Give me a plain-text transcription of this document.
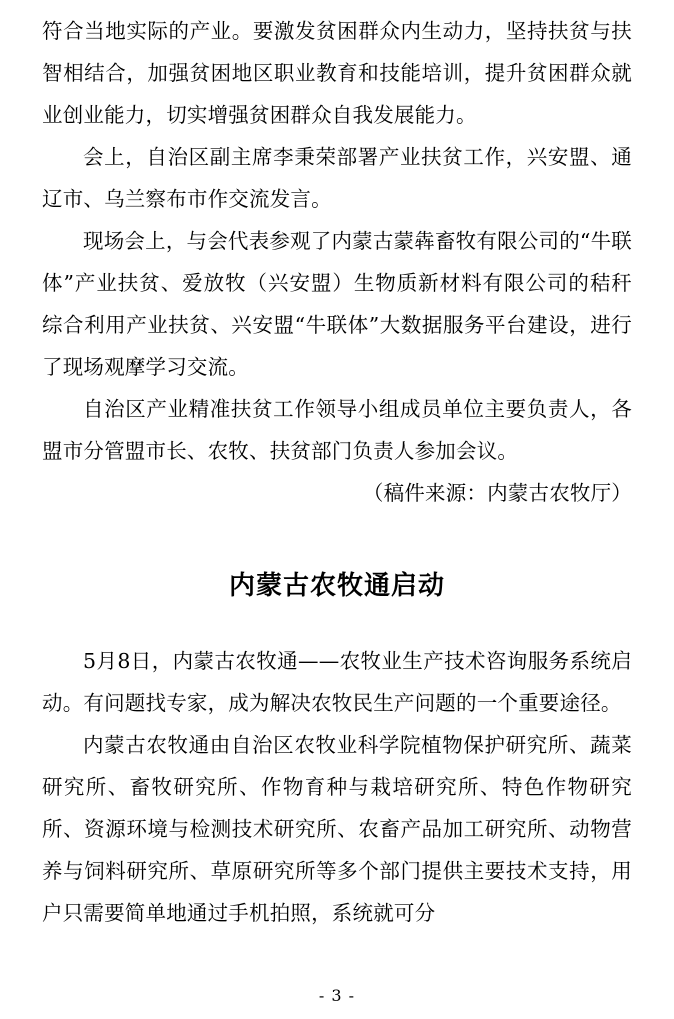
符合当地实际的产业。要激发贫困群众内生动力，坚持扶贫与扶智相结合，加强贫困地区职业教育和技能培训，提升贫困群众就业创业能力，切实增强贫困群众自我发展能力。

会上，自治区副主席李秉荣部署产业扶贫工作，兴安盟、通辽市、乌兰察布市作交流发言。

现场会上，与会代表参观了内蒙古蒙犇畜牧有限公司的“牛联体”产业扶贫、爱放牧（兴安盟）生物质新材料有限公司的秸秆综合利用产业扶贫、兴安盟“牛联体”大数据服务平台建设，进行了现场观摩学习交流。

自治区产业精准扶贫工作领导小组成员单位主要负责人，各盟市分管盟市长、农牧、扶贫部门负责人参加会议。

（稿件来源：内蒙古农牧厅）

内蒙古农牧通启动

5月8日，内蒙古农牧通——农牧业生产技术咨询服务系统启动。有问题找专家，成为解决农牧民生产问题的一个重要途径。

内蒙古农牧通由自治区农牧业科学院植物保护研究所、蔬菜研究所、畜牧研究所、作物育种与栽培研究所、特色作物研究所、资源环境与检测技术研究所、农畜产品加工研究所、动物营养与饲料研究所、草原研究所等多个部门提供主要技术支持，用户只需要简单地通过手机拍照，系统就可分

- 3 -
